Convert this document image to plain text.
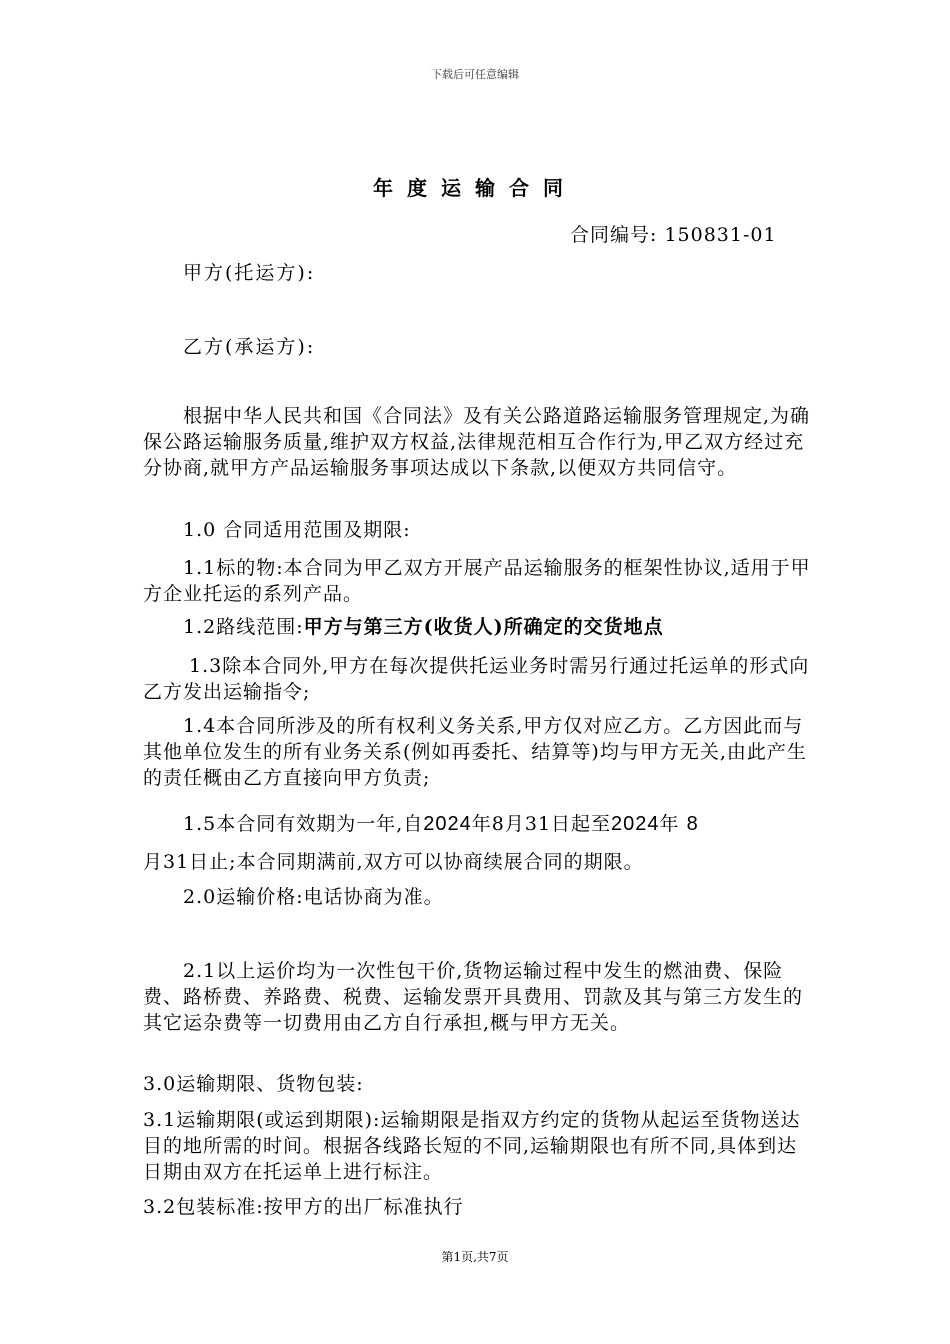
下载后可任意编辑
年度运输合同
合同编号: 150831-01
甲方(托运方):
乙方(承运方):
根据中华人民共和国《合同法》及有关公路道路运输服务管理规定,为确保公路运输服务质量,维护双方权益,法律规范相互合作行为,甲乙双方经过充分协商,就甲方产品运输服务事项达成以下条款,以便双方共同信守。
1.0 合同适用范围及期限:
1.1标的物:本合同为甲乙双方开展产品运输服务的框架性协议,适用于甲方企业托运的系列产品。
1.2路线范围:甲方与第三方(收货人)所确定的交货地点
1.3除本合同外,甲方在每次提供托运业务时需另行通过托运单的形式向乙方发出运输指令;
1.4本合同所涉及的所有权利义务关系,甲方仅对应乙方。乙方因此而与其他单位发生的所有业务关系(例如再委托、结算等)均与甲方无关,由此产生的责任概由乙方直接向甲方负责;
1.5本合同有效期为一年,自2024年8月31日起至2024年 8
月31日止;本合同期满前,双方可以协商续展合同的期限。
2.0运输价格:电话协商为准。
2.1以上运价均为一次性包干价,货物运输过程中发生的燃油费、保险费、路桥费、养路费、税费、运输发票开具费用、罚款及其与第三方发生的其它运杂费等一切费用由乙方自行承担,概与甲方无关。
3.0运输期限、货物包装:
3.1运输期限(或运到期限):运输期限是指双方约定的货物从起运至货物送达目的地所需的时间。根据各线路长短的不同,运输期限也有所不同,具体到达日期由双方在托运单上进行标注。
3.2包装标准:按甲方的出厂标准执行
第1页,共7页
